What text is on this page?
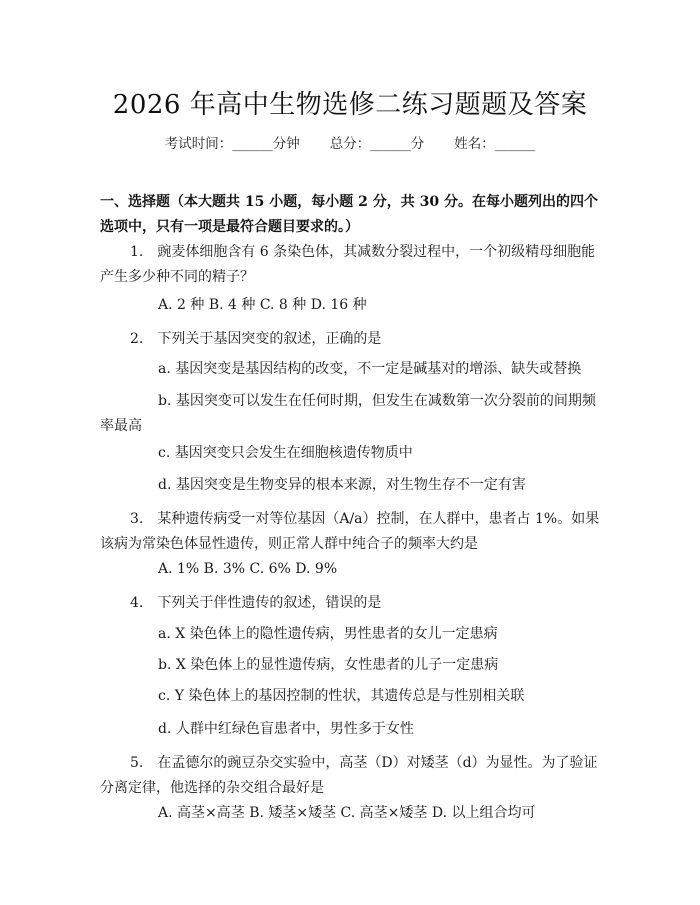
2026 年高中生物选修二练习题题及答案
考试时间：______分钟 总分：______分 姓名：______
一、选择题（本大题共 15 小题，每小题 2 分，共 30 分。在每小题列出的四个选项中，只有一项是最符合题目要求的。）
1.　豌麦体细胞含有 6 条染色体，其减数分裂过程中，一个初级精母细胞能产生多少种不同的精子？
A. 2 种 B. 4 种 C. 8 种 D. 16 种
2.　下列关于基因突变的叙述，正确的是
a. 基因突变是基因结构的改变，不一定是碱基对的增添、缺失或替换
b. 基因突变可以发生在任何时期，但发生在减数第一次分裂前的间期频率最高
c. 基因突变只会发生在细胞核遗传物质中
d. 基因突变是生物变异的根本来源，对生物生存不一定有害
3.　某种遗传病受一对等位基因（A/a）控制，在人群中，患者占 1%。如果该病为常染色体显性遗传，则正常人群中纯合子的频率大约是
A. 1% B. 3% C. 6% D. 9%
4.　下列关于伴性遗传的叙述，错误的是
a. X 染色体上的隐性遗传病，男性患者的女儿一定患病
b. X 染色体上的显性遗传病，女性患者的儿子一定患病
c. Y 染色体上的基因控制的性状，其遗传总是与性别相关联
d. 人群中红绿色盲患者中，男性多于女性
5.　在孟德尔的豌豆杂交实验中，高茎（D）对矮茎（d）为显性。为了验证分离定律，他选择的杂交组合最好是
A. 高茎×高茎 B. 矮茎×矮茎 C. 高茎×矮茎 D. 以上组合均可
